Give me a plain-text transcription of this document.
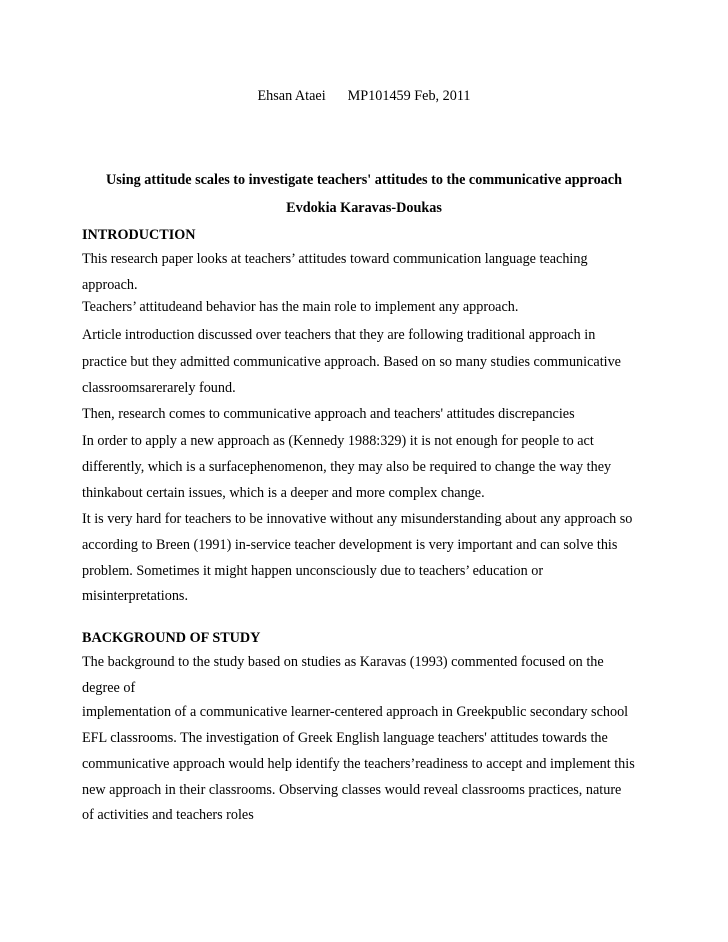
Ehsan Ataei MP101459 Feb, 2011
Using attitude scales to investigate teachers' attitudes to the communicative approach
Evdokia Karavas-Doukas
INTRODUCTION
This research paper looks at teachers’ attitudes toward communication language teaching
approach.
Teachers’ attitudeand behavior has the main role to implement any approach.
Article introduction discussed over teachers that they are following traditional approach in
practice but they admitted communicative approach. Based on so many studies communicative
classroomsarerarely found.
Then, research comes to communicative approach and teachers' attitudes discrepancies
In order to apply a new approach as (Kennedy 1988:329) it is not enough for people to act
differently, which is a surfacephenomenon, they may also be required to change the way they
thinkabout certain issues, which is a deeper and more complex change.
It is very hard for teachers to be innovative without any misunderstanding about any approach so
according to Breen (1991) in-service teacher development is very important and can solve this
problem. Sometimes it might happen unconsciously due to teachers’ education or
misinterpretations.
BACKGROUND OF STUDY
The background to the study based on studies as Karavas (1993) commented focused on the
degree of
implementation of a communicative learner-centered approach in Greekpublic secondary school
EFL classrooms. The investigation of Greek English language teachers' attitudes towards the
communicative approach would help identify the teachers’readiness to accept and implement this
new approach in their classrooms. Observing classes would reveal classrooms practices, nature
of activities and teachers roles
